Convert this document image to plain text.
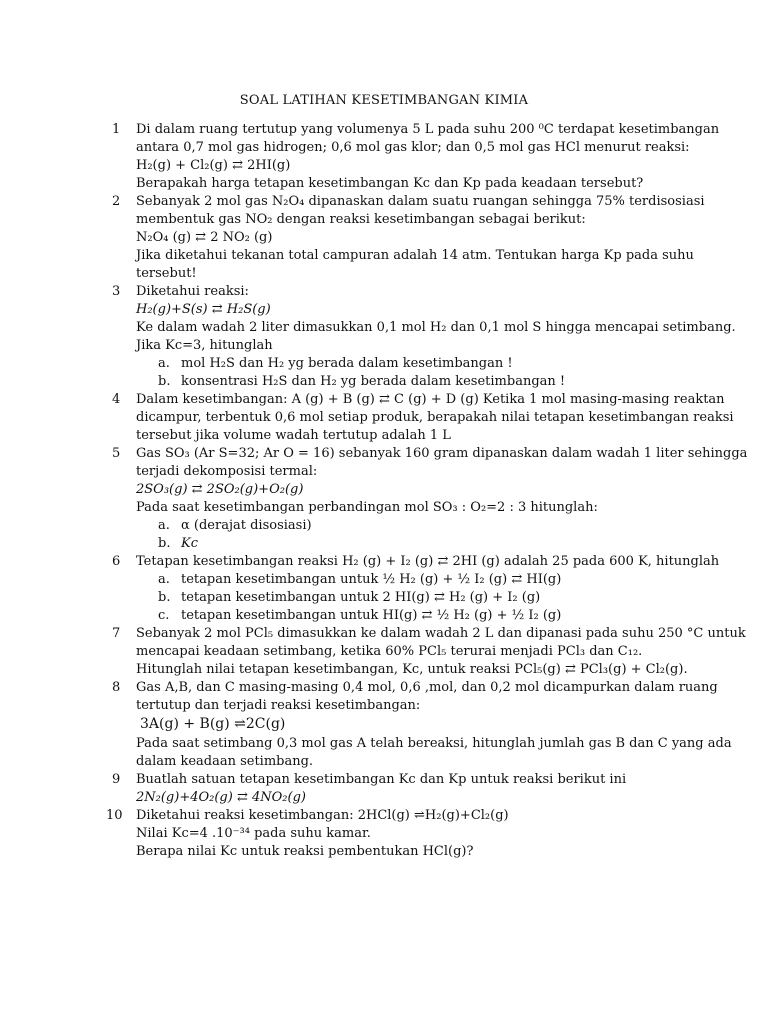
SOAL LATIHAN KESETIMBANGAN KIMIA
1 Di dalam ruang tertutup yang volumenya 5 L pada suhu 200 ⁰C terdapat kesetimbangan
antara 0,7 mol gas hidrogen; 0,6 mol gas klor; dan 0,5 mol gas HCl menurut reaksi:
H₂(g) + Cl₂(g) ⇄ 2HI(g)
Berapakah harga tetapan kesetimbangan Kc dan Kp pada keadaan tersebut?
2 Sebanyak 2 mol gas N₂O₄ dipanaskan dalam suatu ruangan sehingga 75% terdisosiasi
membentuk gas NO₂ dengan reaksi kesetimbangan sebagai berikut:
N₂O₄ (g) ⇄ 2 NO₂ (g)
Jika diketahui tekanan total campuran adalah 14 atm. Tentukan harga Kp pada suhu
tersebut!
3 Diketahui reaksi:
H₂(g)+S(s) ⇄ H₂S(g)
Ke dalam wadah 2 liter dimasukkan 0,1 mol H₂ dan 0,1 mol S hingga mencapai setimbang.
Jika Kc=3, hitunglah
a. mol H₂S dan H₂ yg berada dalam kesetimbangan !
b. konsentrasi H₂S dan H₂ yg berada dalam kesetimbangan !
4 Dalam kesetimbangan: A (g) + B (g) ⇄ C (g) + D (g) Ketika 1 mol masing-masing reaktan
dicampur, terbentuk 0,6 mol setiap produk, berapakah nilai tetapan kesetimbangan reaksi
tersebut jika volume wadah tertutup adalah 1 L
5 Gas SO₃ (Ar S=32; Ar O = 16) sebanyak 160 gram dipanaskan dalam wadah 1 liter sehingga
terjadi dekomposisi termal:
2SO₃(g) ⇄ 2SO₂(g)+O₂(g)
Pada saat kesetimbangan perbandingan mol SO₃ : O₂=2 : 3 hitunglah:
a. α (derajat disosiasi)
b. Kc
6 Tetapan kesetimbangan reaksi H₂ (g) + I₂ (g) ⇄ 2HI (g) adalah 25 pada 600 K, hitunglah
a. tetapan kesetimbangan untuk ½ H₂ (g) + ½ I₂ (g) ⇄ HI(g)
b. tetapan kesetimbangan untuk 2 HI(g) ⇄ H₂ (g) + I₂ (g)
c. tetapan kesetimbangan untuk HI(g) ⇄ ½ H₂ (g) + ½ I₂ (g)
7 Sebanyak 2 mol PCl₅ dimasukkan ke dalam wadah 2 L dan dipanasi pada suhu 250 °C untuk
mencapai keadaan setimbang, ketika 60% PCl₅ terurai menjadi PCl₃ dan C₁₂.
Hitunglah nilai tetapan kesetimbangan, Kc, untuk reaksi PCl₅(g) ⇄ PCl₃(g) + Cl₂(g).
8 Gas A,B, dan C masing-masing 0,4 mol, 0,6 ,mol, dan 0,2 mol dicampurkan dalam ruang
tertutup dan terjadi reaksi kesetimbangan:
3A(g) + B(g) ⇌2C(g)
Pada saat setimbang 0,3 mol gas A telah bereaksi, hitunglah jumlah gas B dan C yang ada
dalam keadaan setimbang.
9 Buatlah satuan tetapan kesetimbangan Kc dan Kp untuk reaksi berikut ini
2N₂(g)+4O₂(g) ⇄ 4NO₂(g)
10 Diketahui reaksi kesetimbangan: 2HCl(g) ⇌H₂(g)+Cl₂(g)
Nilai Kc=4 .10⁻³⁴ pada suhu kamar.
Berapa nilai Kc untuk reaksi pembentukan HCl(g)?
